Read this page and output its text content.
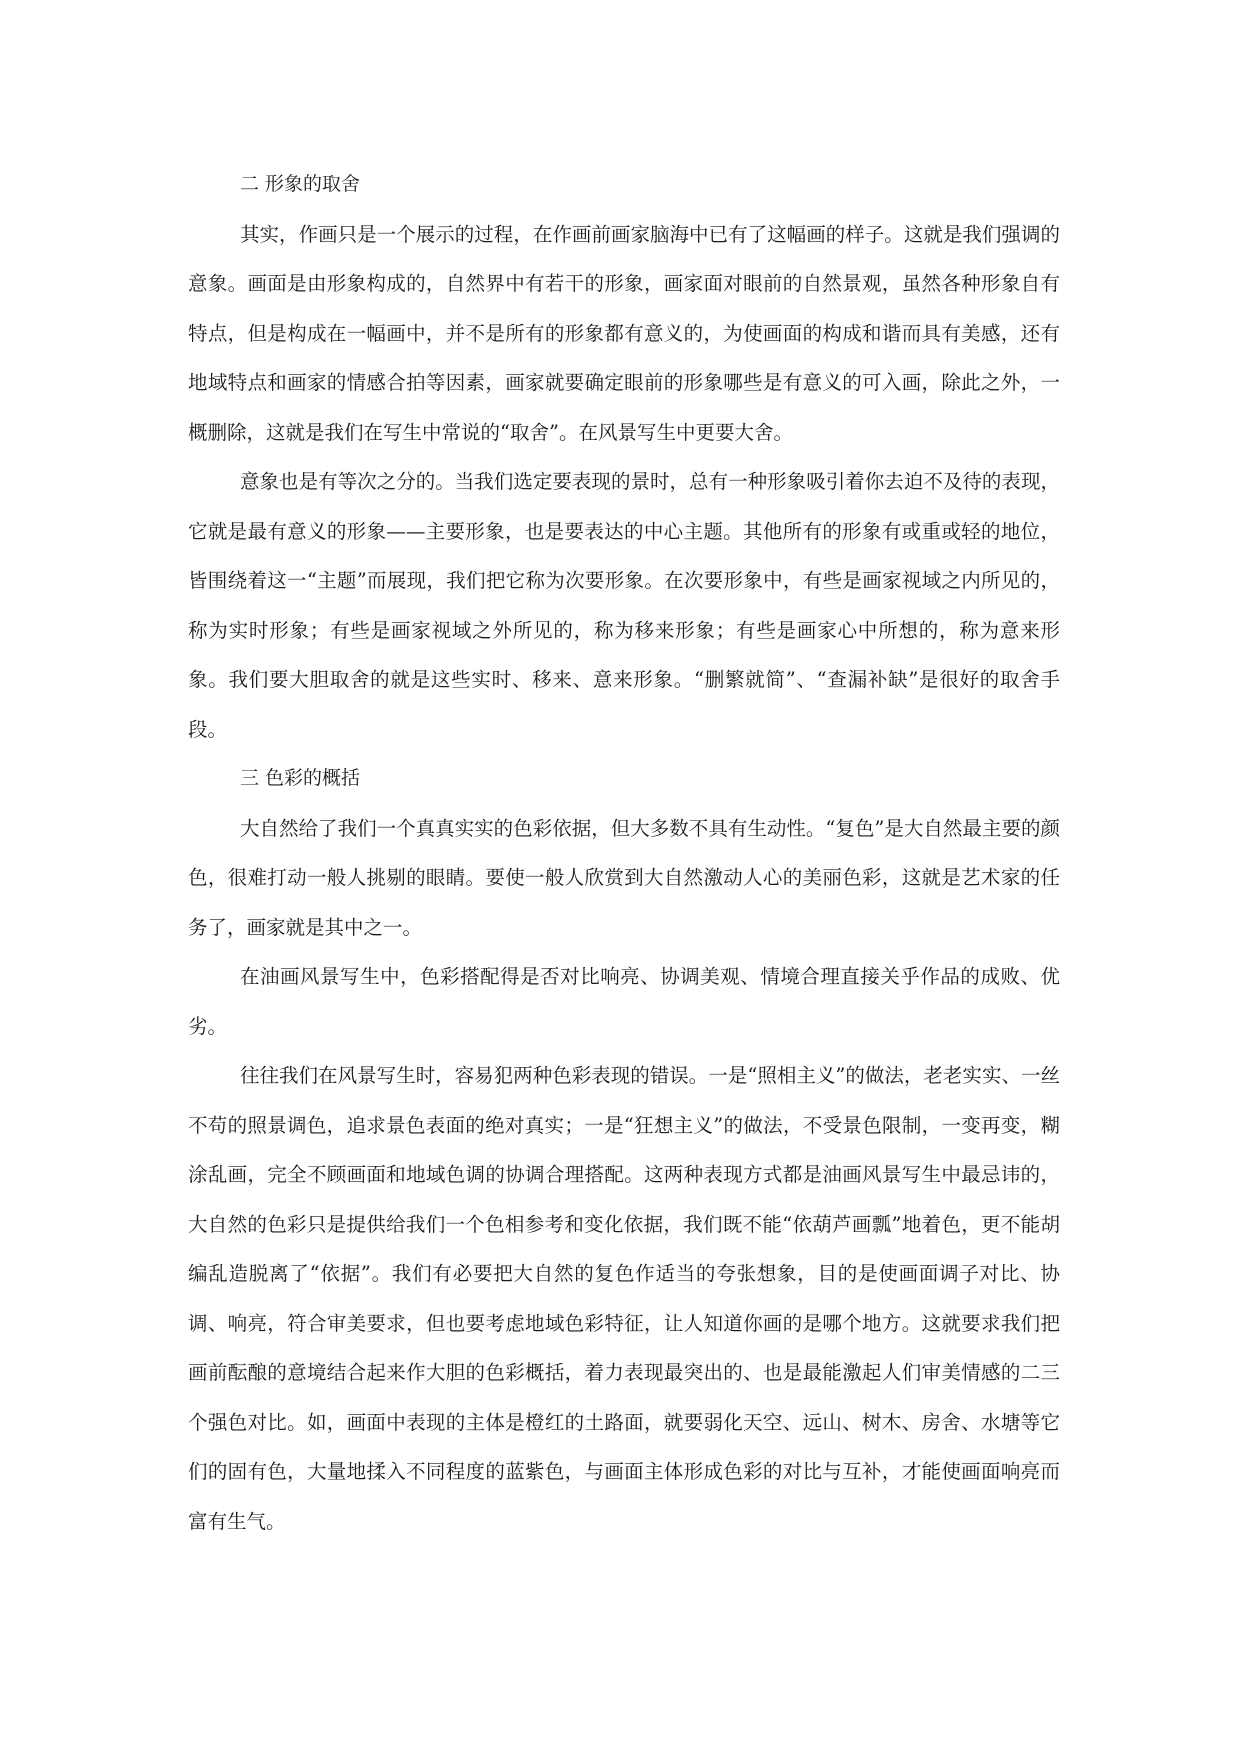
二 形象的取舍

其实，作画只是一个展示的过程，在作画前画家脑海中已有了这幅画的样子。这就是我们强调的意象。画面是由形象构成的，自然界中有若干的形象，画家面对眼前的自然景观，虽然各种形象自有特点，但是构成在一幅画中，并不是所有的形象都有意义的，为使画面的构成和谐而具有美感，还有地域特点和画家的情感合拍等因素，画家就要确定眼前的形象哪些是有意义的可入画，除此之外，一概删除，这就是我们在写生中常说的“取舍”。在风景写生中更要大舍。

意象也是有等次之分的。当我们选定要表现的景时，总有一种形象吸引着你去迫不及待的表现，它就是最有意义的形象——主要形象，也是要表达的中心主题。其他所有的形象有或重或轻的地位，皆围绕着这一“主题”而展现，我们把它称为次要形象。在次要形象中，有些是画家视域之内所见的，称为实时形象；有些是画家视域之外所见的，称为移来形象；有些是画家心中所想的，称为意来形象。我们要大胆取舍的就是这些实时、移来、意来形象。“删繁就简”、“查漏补缺”是很好的取舍手段。

三 色彩的概括

大自然给了我们一个真真实实的色彩依据，但大多数不具有生动性。“复色”是大自然最主要的颜色，很难打动一般人挑剔的眼睛。要使一般人欣赏到大自然激动人心的美丽色彩，这就是艺术家的任务了，画家就是其中之一。

在油画风景写生中，色彩搭配得是否对比响亮、协调美观、情境合理直接关乎作品的成败、优劣。

往往我们在风景写生时，容易犯两种色彩表现的错误。一是“照相主义”的做法，老老实实、一丝不苟的照景调色，追求景色表面的绝对真实；一是“狂想主义”的做法，不受景色限制，一变再变，糊涂乱画，完全不顾画面和地域色调的协调合理搭配。这两种表现方式都是油画风景写生中最忌讳的，大自然的色彩只是提供给我们一个色相参考和变化依据，我们既不能“依葫芦画瓢”地着色，更不能胡编乱造脱离了“依据”。我们有必要把大自然的复色作适当的夸张想象，目的是使画面调子对比、协调、响亮，符合审美要求，但也要考虑地域色彩特征，让人知道你画的是哪个地方。这就要求我们把画前酝酿的意境结合起来作大胆的色彩概括，着力表现最突出的、也是最能激起人们审美情感的二三个强色对比。如，画面中表现的主体是橙红的土路面，就要弱化天空、远山、树木、房舍、水塘等它们的固有色，大量地揉入不同程度的蓝紫色，与画面主体形成色彩的对比与互补，才能使画面响亮而富有生气。
